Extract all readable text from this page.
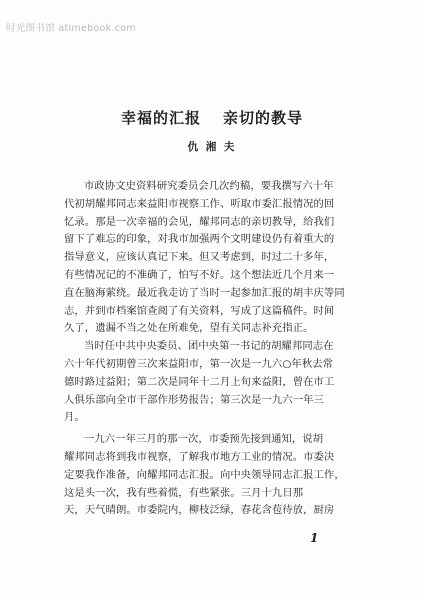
时光图书馆 atimebook.com
幸福的汇报 亲切的教导
仇 湘 夫
市政协文史资料研究委员会几次约稿，要我撰写六十年
代初胡耀邦同志来益阳市视察工作、听取市委汇报情况的回
忆录。那是一次幸福的会见，耀邦同志的亲切教导，给我们
留下了难忘的印象，对我市加强两个文明建设仍有着重大的
指导意义，应该认真记下来。但又考虑到，时过二十多年，
有些情况记的不准确了，怕写不好。这个想法近几个月来一
直在脑海萦绕。最近我走访了当时一起参加汇报的胡丰庆等同
志，并到市档案馆查阅了有关资料，写成了这篇稿件。时间
久了，遗漏不当之处在所难免，望有关同志补充指正。
当时任中共中央委员、团中央第一书记的胡耀邦同志在
六十年代初期曾三次来益阳市，第一次是一九六○年秋去常
德时路过益阳；第二次是同年十二月上旬来益阳，曾在市工
人俱乐部向全市干部作形势报告；第三次是一九六一年三
月。
一九六一年三月的那一次，市委预先接到通知，说胡
耀邦同志将到我市视察，了解我市地方工业的情况。市委决
定要我作准备，向耀邦同志汇报。向中央领导同志汇报工作，
这是头一次，我有些着慌，有些紧张。三月十九日那
天，天气晴朗。市委院内，柳枝泛绿，春花含苞待放，厨房
1
